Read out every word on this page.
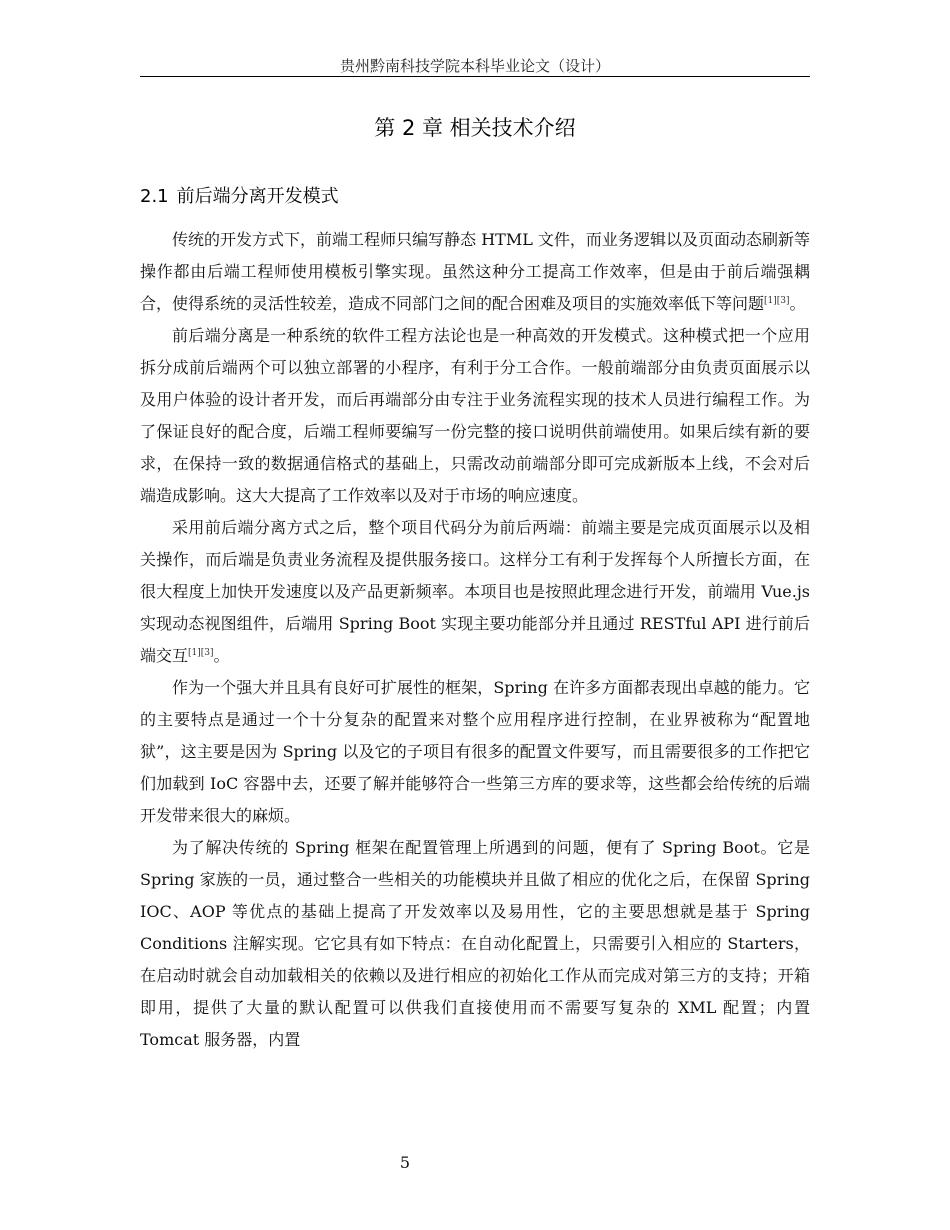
贵州黔南科技学院本科毕业论文（设计）
第 2 章 相关技术介绍
2.1 前后端分离开发模式

传统的开发方式下，前端工程师只编写静态 HTML 文件，而业务逻辑以及页面动态刷新等操作都由后端工程师使用模板引擎实现。虽然这种分工提高工作效率，但是由于前后端强耦合，使得系统的灵活性较差，造成不同部门之间的配合困难及项目的实施效率低下等问题[1][3]。

前后端分离是一种系统的软件工程方法论也是一种高效的开发模式。这种模式把一个应用拆分成前后端两个可以独立部署的小程序，有利于分工合作。一般前端部分由负责页面展示以及用户体验的设计者开发，而后再端部分由专注于业务流程实现的技术人员进行编程工作。为了保证良好的配合度，后端工程师要编写一份完整的接口说明供前端使用。如果后续有新的要求，在保持一致的数据通信格式的基础上，只需改动前端部分即可完成新版本上线，不会对后端造成影响。这大大提高了工作效率以及对于市场的响应速度。

采用前后端分离方式之后，整个项目代码分为前后两端：前端主要是完成页面展示以及相关操作，而后端是负责业务流程及提供服务接口。这样分工有利于发挥每个人所擅长方面，在很大程度上加快开发速度以及产品更新频率。本项目也是按照此理念进行开发，前端用 Vue.js 实现动态视图组件，后端用 Spring Boot 实现主要功能部分并且通过 RESTful API 进行前后端交互[1][3]。

作为一个强大并且具有良好可扩展性的框架，Spring 在许多方面都表现出卓越的能力。它的主要特点是通过一个十分复杂的配置来对整个应用程序进行控制，在业界被称为“配置地狱”，这主要是因为 Spring 以及它的子项目有很多的配置文件要写，而且需要很多的工作把它们加载到 IoC 容器中去，还要了解并能够符合一些第三方库的要求等，这些都会给传统的后端开发带来很大的麻烦。

为了解决传统的 Spring 框架在配置管理上所遇到的问题，便有了 Spring Boot。它是 Spring 家族的一员，通过整合一些相关的功能模块并且做了相应的优化之后，在保留 Spring IOC、AOP 等优点的基础上提高了开发效率以及易用性，它的主要思想就是基于 Spring Conditions 注解实现。它它具有如下特点：在自动化配置上，只需要引入相应的 Starters，在启动时就会自动加载相关的依赖以及进行相应的初始化工作从而完成对第三方的支持；开箱即用，提供了大量的默认配置可以供我们直接使用而不需要写复杂的 XML 配置；内置 Tomcat 服务器，内置

5
